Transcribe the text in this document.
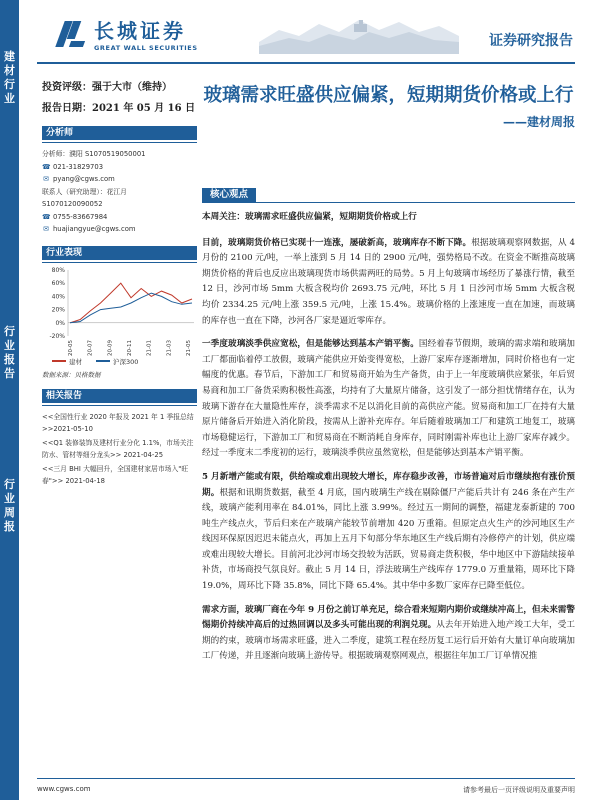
建
材
行
业
行
业
报
告
行
业
周
报
长城证券
GREAT WALL SECURITIES	证券研究报告
投资评级：强于大市（维持）
报告日期：2021 年 05 月 16 日
分析师
分析师：濮阳 S1070519050001
☎ 021-31829703
✉ pyang@cgws.com
联系人（研究助理）：花江月
S1070120090052
☎ 0755-83667984
✉ huajiangyue@cgws.com
行业表现
80%
60%
40%
20%
0%
-20%
20-05 20-07 20-09 20-11 21-01 21-03 21-05
建材	沪深300
数据来源：贝格数据
相关报告
<<全国性行业 2020 年报及 2021 年 1 季报总结>>2021-05-10
<<Q1 装修装饰及建材行业分化 1.1%，市场关注防水、管材等细分龙头>> 2021-04-25
<<三月 BHI 大幅回升，全国建材家居市场入"旺春">> 2021-04-18
玻璃需求旺盛供应偏紧，短期期货价格或上行
——建材周报
核心观点

本周关注：玻璃需求旺盛供应偏紧，短期期货价格或上行

目前，玻璃期货价格已实现十一连涨，屡破新高，玻璃库存不断下降。根据玻璃观察网数据，从 4 月份的 2100 元/吨，一举上涨到 5 月 14 日的 2900 元/吨，强势格局不改。在资金不断推高玻璃期货价格的背后也反应出玻璃现货市场供需两旺的局势。5 月上旬玻璃市场经历了暴涨行情，截至 12 日，沙河市场 5mm 大板含税均价 2693.75 元/吨，环比 5 月 1 日沙河市场 5mm 大板含税均价 2334.25 元/吨上涨 359.5 元/吨，上涨 15.4%。玻璃价格的上涨速度一直在加速，而玻璃的库存也一直在下降，沙河各厂家是逼近零库存。

一季度玻璃淡季供应宽松，但是能够达到基本产销平衡。国经着春节假期，玻璃的需求端和玻璃加工厂都面临着停工放假，玻璃产能供应开始变得宽松，上游厂家库存逐渐增加，同时价格也有一定幅度的优惠。春节后，下游加工厂和贸易商开始为生产备货，由于上一年度玻璃供应紧张，年后贸易商和加工厂备货采购积极性高涨，均持有了大量原片储备，这引发了一部分担忧情绪存在，认为玻璃下游存在大量隐性库存，淡季需求不足以消化目前的高供应产能。贸易商和加工厂在持有大量原片储备后开始进入消化阶段，按需从上游补充库存。年后随着玻璃加工厂和建筑工地复工，玻璃市场稳健运行，下游加工厂和贸易商在不断消耗自身库存，同时刚需补库也让上游厂家库存减少。经过一季度末二季度初的运行，玻璃淡季供应虽然宽松，但是能够达到基本产销平衡。

5 月新增产能或有限，供给端或难出现较大增长，库存稳步改善，市场普遍对后市继续抱有涨价预期。根据和讯期货数据，截至 4 月底，国内玻璃生产线在剔除僵尸产能后共计有 246 条在产生产线，玻璃产能利用率在 84.01%，同比上涨 3.99%。经过五一期间的调整，福建龙泰新建的 700 吨生产线点火，节后归来在产玻璃产能较节前增加 420 万重箱。但原定点火生产的沙河地区生产线因环保原因迟迟未能点火，再加上五月下旬部分华东地区生产线后期有冷修停产的计划，供应端或难出现较大增长。目前河北沙河市场交投较为活跃，贸易商走货积极，华中地区中下游陆续接单补货，市场商投气氛良好。截止 5 月 14 日，浮法玻璃生产线库存 1779.0 万重量箱，周环比下降 19.0%，周环比下降 35.8%，同比下降 65.4%。其中华中多数厂家库存已降至低位。

需求方面，玻璃厂商在今年 9 月份之前订单充足，综合看来短期内期价或继续冲高上，但未来需警惕期价持续冲高后的过热回调以及多头可能出现的利润兑现。从去年开始进入地产竣工大年，受工期的约束，玻璃市场需求旺盛，进入二季度，建筑工程在经历复工运行后开始有大量订单向玻璃加工厂传递，并且逐渐向玻璃上游传导。根据玻璃观察网观点，根据往年加工厂订单情况推

www.cgws.com	请参考最后一页评级说明及重要声明
